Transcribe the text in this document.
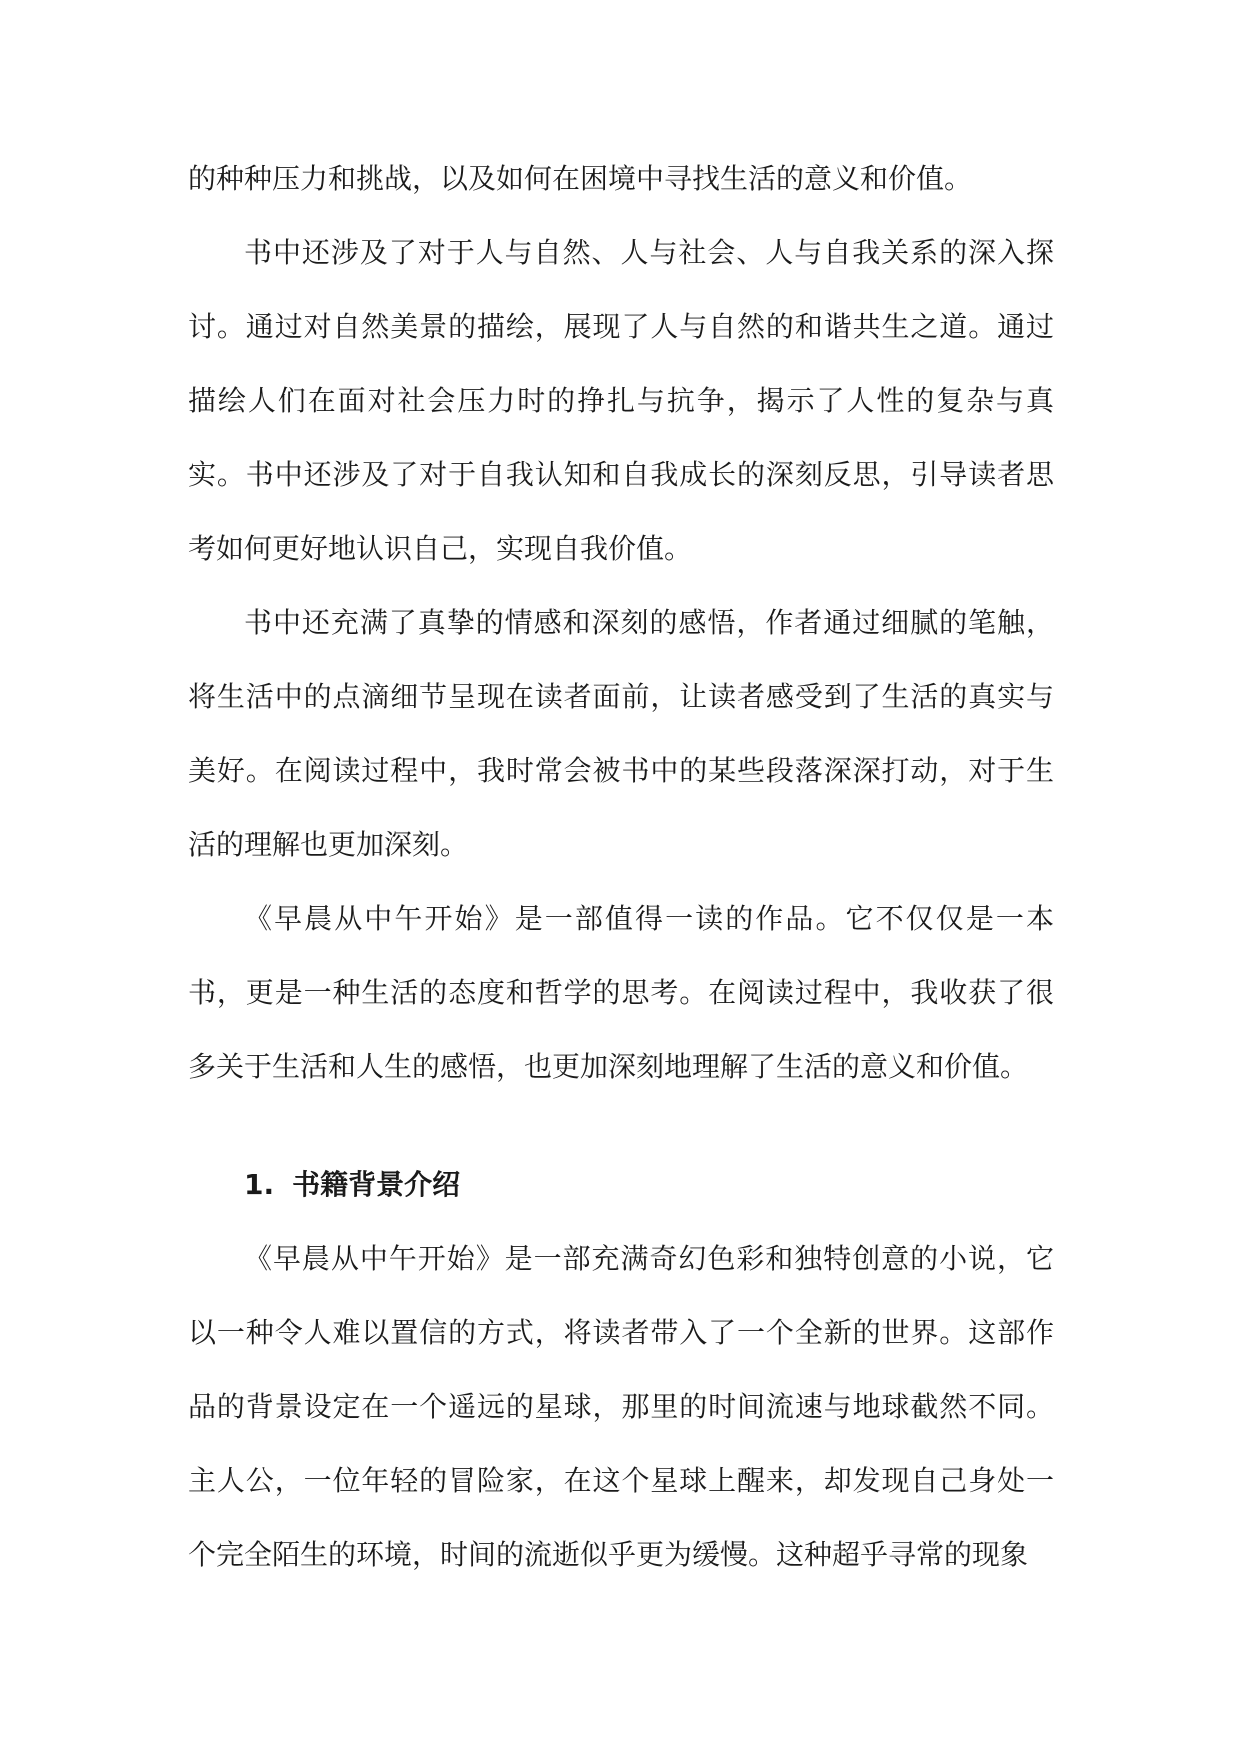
的种种压力和挑战，以及如何在困境中寻找生活的意义和价值。

书中还涉及了对于人与自然、人与社会、人与自我关系的深入探讨。通过对自然美景的描绘，展现了人与自然的和谐共生之道。通过描绘人们在面对社会压力时的挣扎与抗争，揭示了人性的复杂与真实。书中还涉及了对于自我认知和自我成长的深刻反思，引导读者思考如何更好地认识自己，实现自我价值。

书中还充满了真挚的情感和深刻的感悟，作者通过细腻的笔触，将生活中的点滴细节呈现在读者面前，让读者感受到了生活的真实与美好。在阅读过程中，我时常会被书中的某些段落深深打动，对于生活的理解也更加深刻。

《早晨从中午开始》是一部值得一读的作品。它不仅仅是一本书，更是一种生活的态度和哲学的思考。在阅读过程中，我收获了很多关于生活和人生的感悟，也更加深刻地理解了生活的意义和价值。

1. 书籍背景介绍

《早晨从中午开始》是一部充满奇幻色彩和独特创意的小说，它以一种令人难以置信的方式，将读者带入了一个全新的世界。这部作品的背景设定在一个遥远的星球，那里的时间流速与地球截然不同。主人公，一位年轻的冒险家，在这个星球上醒来，却发现自己身处一个完全陌生的环境，时间的流逝似乎更为缓慢。这种超乎寻常的现象
